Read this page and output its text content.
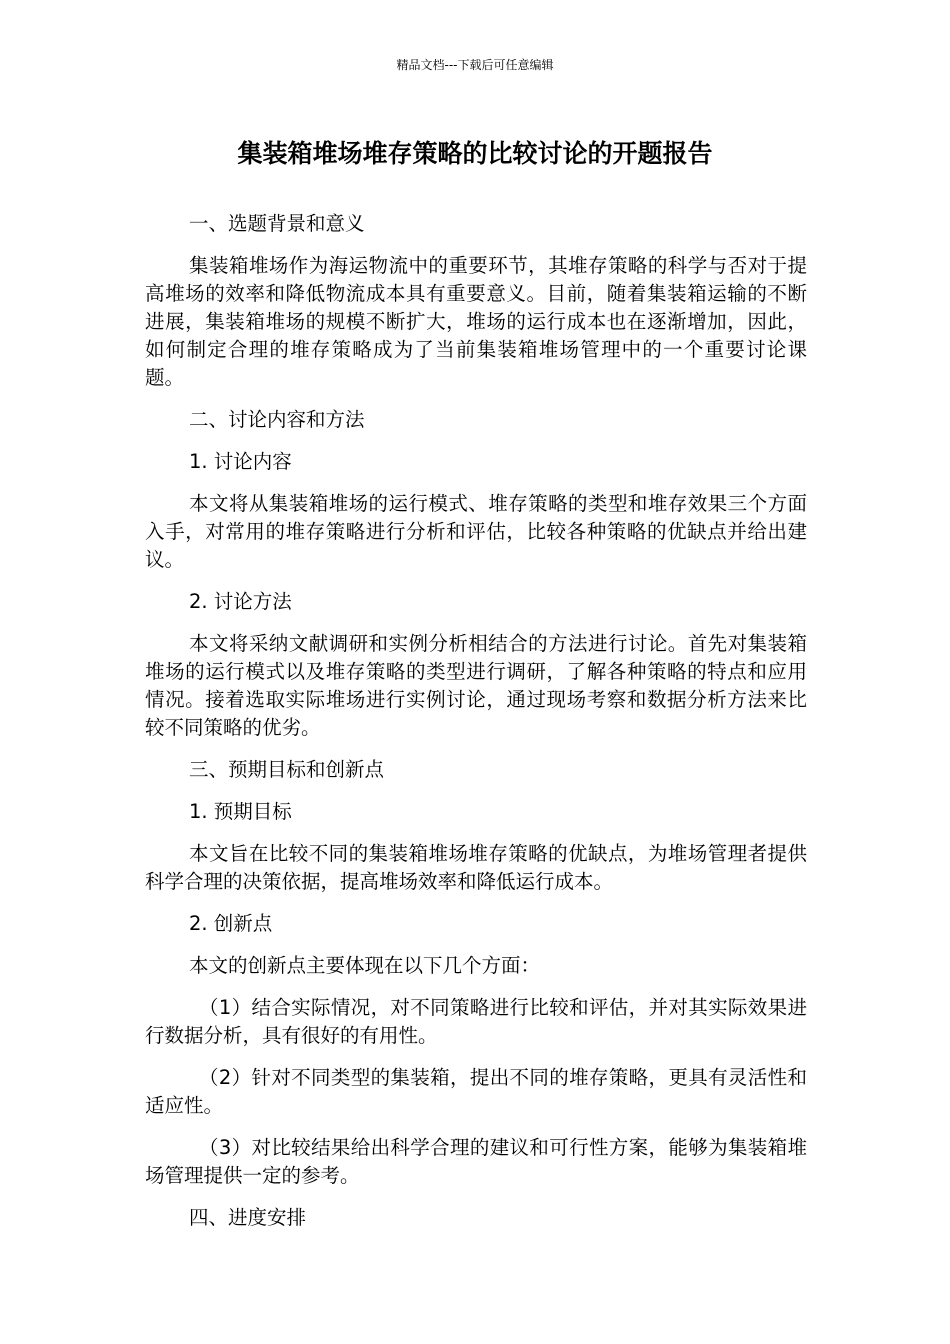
精品文档---下载后可任意编辑
集装箱堆场堆存策略的比较讨论的开题报告

一、选题背景和意义

集装箱堆场作为海运物流中的重要环节，其堆存策略的科学与否对于提高堆场的效率和降低物流成本具有重要意义。目前，随着集装箱运输的不断进展，集装箱堆场的规模不断扩大，堆场的运行成本也在逐渐增加，因此，如何制定合理的堆存策略成为了当前集装箱堆场管理中的一个重要讨论课题。

二、讨论内容和方法

1. 讨论内容

本文将从集装箱堆场的运行模式、堆存策略的类型和堆存效果三个方面入手，对常用的堆存策略进行分析和评估，比较各种策略的优缺点并给出建议。

2. 讨论方法

本文将采纳文献调研和实例分析相结合的方法进行讨论。首先对集装箱堆场的运行模式以及堆存策略的类型进行调研，了解各种策略的特点和应用情况。接着选取实际堆场进行实例讨论，通过现场考察和数据分析方法来比较不同策略的优劣。

三、预期目标和创新点

1. 预期目标

本文旨在比较不同的集装箱堆场堆存策略的优缺点，为堆场管理者提供科学合理的决策依据，提高堆场效率和降低运行成本。

2. 创新点

本文的创新点主要体现在以下几个方面：

（1）结合实际情况，对不同策略进行比较和评估，并对其实际效果进行数据分析，具有很好的有用性。

（2）针对不同类型的集装箱，提出不同的堆存策略，更具有灵活性和适应性。

（3）对比较结果给出科学合理的建议和可行性方案，能够为集装箱堆场管理提供一定的参考。

四、进度安排
